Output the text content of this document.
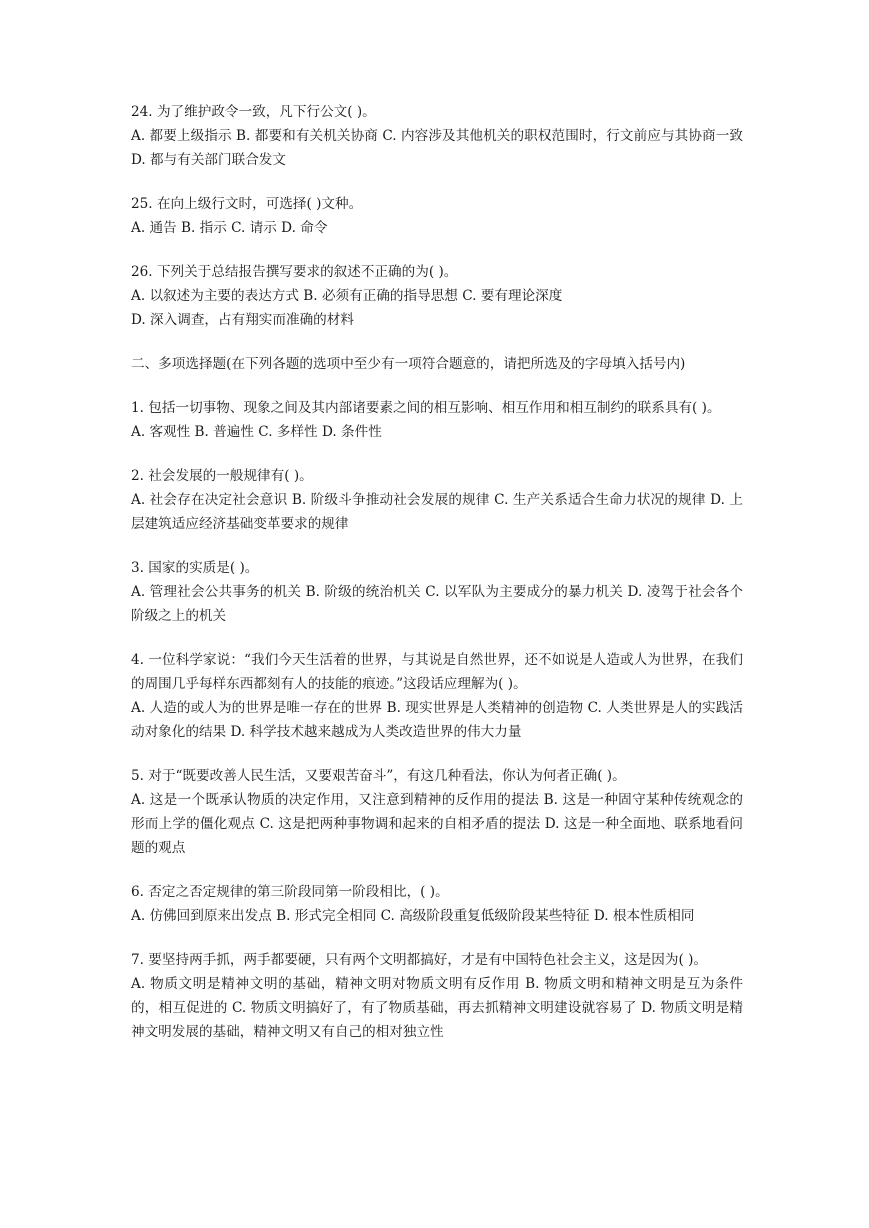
24. 为了维护政令一致，凡下行公文( )。

A. 都要上级指示 B. 都要和有关机关协商 C. 内容涉及其他机关的职权范围时，行文前应与其协商一致 D. 都与有关部门联合发文

25. 在向上级行文时，可选择( )文种。

A. 通告 B. 指示 C. 请示 D. 命令

26. 下列关于总结报告撰写要求的叙述不正确的为( )。

A. 以叙述为主要的表达方式 B. 必须有正确的指导思想 C. 要有理论深度

D. 深入调查，占有翔实而准确的材料

二、多项选择题(在下列各题的选项中至少有一项符合题意的，请把所选及的字母填入括号内)

1. 包括一切事物、现象之间及其内部诸要素之间的相互影响、相互作用和相互制约的联系具有( )。

A. 客观性 B. 普遍性 C. 多样性 D. 条件性

2. 社会发展的一般规律有( )。

A. 社会存在决定社会意识 B. 阶级斗争推动社会发展的规律 C. 生产关系适合生命力状况的规律 D. 上层建筑适应经济基础变革要求的规律

3. 国家的实质是( )。

A. 管理社会公共事务的机关 B. 阶级的统治机关 C. 以军队为主要成分的暴力机关 D. 凌驾于社会各个阶级之上的机关

4. 一位科学家说：“我们今天生活着的世界，与其说是自然世界，还不如说是人造或人为世界，在我们的周围几乎每样东西都刻有人的技能的痕迹。”这段话应理解为( )。

A. 人造的或人为的世界是唯一存在的世界 B. 现实世界是人类精神的创造物 C. 人类世界是人的实践活动对象化的结果 D. 科学技术越来越成为人类改造世界的伟大力量

5. 对于“既要改善人民生活，又要艰苦奋斗”，有这几种看法，你认为何者正确( )。

A. 这是一个既承认物质的决定作用，又注意到精神的反作用的提法 B. 这是一种固守某种传统观念的形而上学的僵化观点 C. 这是把两种事物调和起来的自相矛盾的提法 D. 这是一种全面地、联系地看问题的观点

6. 否定之否定规律的第三阶段同第一阶段相比，( )。

A. 仿佛回到原来出发点 B. 形式完全相同 C. 高级阶段重复低级阶段某些特征 D. 根本性质相同

7. 要坚持两手抓，两手都要硬，只有两个文明都搞好，才是有中国特色社会主义，这是因为( )。

A. 物质文明是精神文明的基础，精神文明对物质文明有反作用 B. 物质文明和精神文明是互为条件的，相互促进的 C. 物质文明搞好了，有了物质基础，再去抓精神文明建设就容易了 D. 物质文明是精神文明发展的基础，精神文明又有自己的相对独立性
